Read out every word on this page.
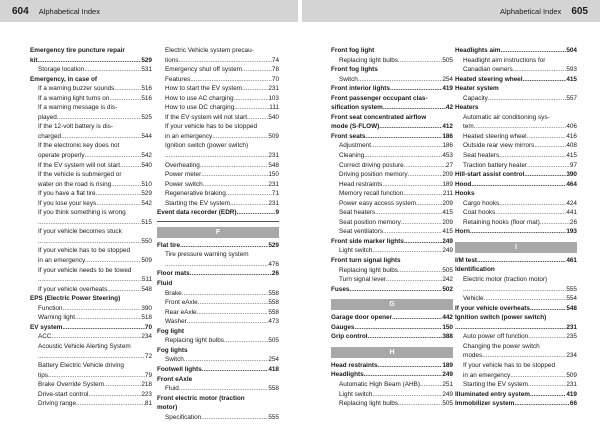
604 Alphabetical Index	Alphabetical Index 605
Emergency tire puncture repair
kit .....	529
Storage location .....	531
Emergency, in case of
If a warning buzzer sounds .....	516
If a warning light turns on .....	516
If a warning message is dis-
played .....	525
If the 12-volt battery is dis-
charged .....	544
If the electronic key does not
operate properly .....	542
If the EV system will not start .....	540
If the vehicle is submerged or
water on the road is rising .....	510
If you have a flat tire .....	529
If you lose your keys .....	542
If you think something is wrong
.....
515
If your vehicle becomes stuck
.....
550
If your vehicle has to be stopped
in an emergency .....	509
If your vehicle needs to be towed
.....
511
If your vehicle overheats .....	548
EPS (Electric Power Steering)
Function .....	390
Warning light .....	518
EV system .....	70
ACC .....	234
Acoustic Vehicle Alerting System
.....
72
Battery Electric Vehicle driving
tips .....	79
Brake Override System .....	218
Drive-start control .....	223
Driving range .....	81
Electric Vehicle system precau-
tions .....	74
Emergency shut off system .....	78
Features .....	70
How to start the EV system .....	231
How to use AC charging .....	103
How to use DC charging .....	111
If the EV system will not start .....	540
If your vehicle has to be stopped
in an emergency .....	509
Ignition switch (power switch)
.....
231
Overheating .....	548
Power meter .....	150
Power switch .....	231
Regenerative braking .....	71
Starting the EV system .....	231
Event data recorder (EDR) .....	9
F
Flat tire .....	529
Tire pressure warning system
.....
476
Floor mats .....	26
Fluid
Brake .....	558
Front eAxle .....	558
Rear eAxle .....	558
Washer .....	473
Fog light
Replacing light bulbs .....	505
Fog lights
Switch .....	254
Footwell lights .....	418
Front eAxle
Fluid .....	558
Front electric motor (traction
motor)
Specification .....	555
Front fog light
Replacing light bulbs .....	505
Front fog lights
Switch .....	254
Front interior lights .....	419
Front passenger occupant clas-
sification system .....	42
Front seat concentrated airflow
mode (S-FLOW) .....	412
Front seats .....	186
Adjustment .....	186
Cleaning .....	453
Correct driving posture .....	27
Driving position memory .....	209
Head restraints .....	189
Memory recall function .....	211
Power easy access system .....	209
Seat heaters .....	415
Seat position memory .....	209
Seat ventilators .....	415
Front side marker lights .....	249
Light switch .....	249
Front turn signal lights
Replacing light bulbs .....	505
Turn signal lever .....	242
Fuses .....	502
G
Garage door opener .....	442
Gauges .....	150
Grip control .....	388
H
Head restraints .....	189
Headlights .....	249
Automatic High Beam (AHB) .....	251
Light switch .....	249
Replacing light bulbs .....	505
Headlights aim .....	504
Headlight aim instructions for
Canadian owners .....	593
Heated steering wheel .....	415
Heater system
Capacity .....	557
Heaters
Automatic air conditioning sys-
tem .....	406
Heated steering wheel .....	416
Outside rear view mirrors .....	408
Seat heaters .....	415
Traction battery heater .....	97
Hill-start assist control .....	390
Hood .....	464
Hooks
Cargo hooks .....	424
Coat hooks .....	441
Retaining hooks (floor mat) .....	26
Horn .....	193
I
I/M test .....	461
Identification
Electric motor (traction motor)
.....
555
Vehicle .....	554
If your vehicle overheats .....	548
Ignition switch (power switch)
.....
231
Auto power off function .....	235
Changing the power switch
modes .....	234
If your vehicle has to be stopped
in an emergency .....	509
Starting the EV system .....	231
Illuminated entry system .....	419
Immobilizer system .....	66
